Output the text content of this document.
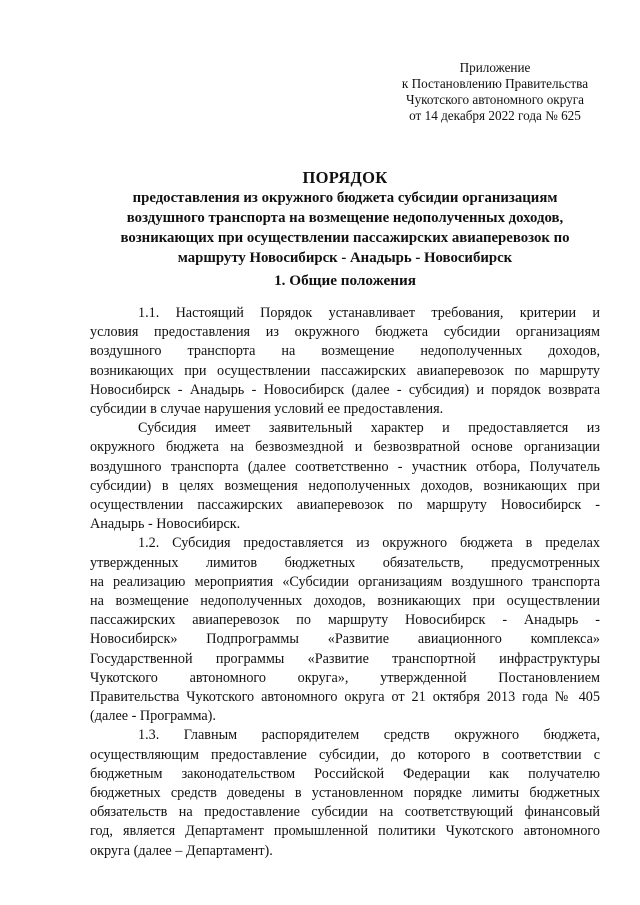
Приложение
к Постановлению Правительства
Чукотского автономного округа
от 14 декабря 2022 года № 625
ПОРЯДОК
предоставления из окружного бюджета субсидии организациям
воздушного транспорта на возмещение недополученных доходов,
возникающих при осуществлении пассажирских авиаперевозок по
маршруту Новосибирск - Анадырь - Новосибирск
1. Общие положения

1.1. Настоящий Порядок устанавливает требования, критерии и
условия предоставления из окружного бюджета субсидии организациям
воздушного транспорта на возмещение недополученных доходов,
возникающих при осуществлении пассажирских авиаперевозок по маршруту
Новосибирск - Анадырь - Новосибирск (далее - субсидия) и порядок возврата
субсидии в случае нарушения условий ее предоставления.

Субсидия имеет заявительный характер и предоставляется из
окружного бюджета на безвозмездной и безвозвратной основе организации
воздушного транспорта (далее соответственно - участник отбора, Получатель
субсидии) в целях возмещения недополученных доходов, возникающих при
осуществлении пассажирских авиаперевозок по маршруту Новосибирск -
Анадырь - Новосибирск.

1.2. Субсидия предоставляется из окружного бюджета в пределах
утвержденных лимитов бюджетных обязательств, предусмотренных
на реализацию мероприятия «Субсидии организациям воздушного транспорта
на возмещение недополученных доходов, возникающих при осуществлении
пассажирских авиаперевозок по маршруту Новосибирск - Анадырь -
Новосибирск» Подпрограммы «Развитие авиационного комплекса»
Государственной программы «Развитие транспортной инфраструктуры
Чукотского автономного округа», утвержденной Постановлением
Правительства Чукотского автономного округа от 21 октября 2013 года № 405
(далее - Программа).

1.3. Главным распорядителем средств окружного бюджета,
осуществляющим предоставление субсидии, до которого в соответствии с
бюджетным законодательством Российской Федерации как получателю
бюджетных средств доведены в установленном порядке лимиты бюджетных
обязательств на предоставление субсидии на соответствующий финансовый
год, является Департамент промышленной политики Чукотского автономного
округа (далее – Департамент).
